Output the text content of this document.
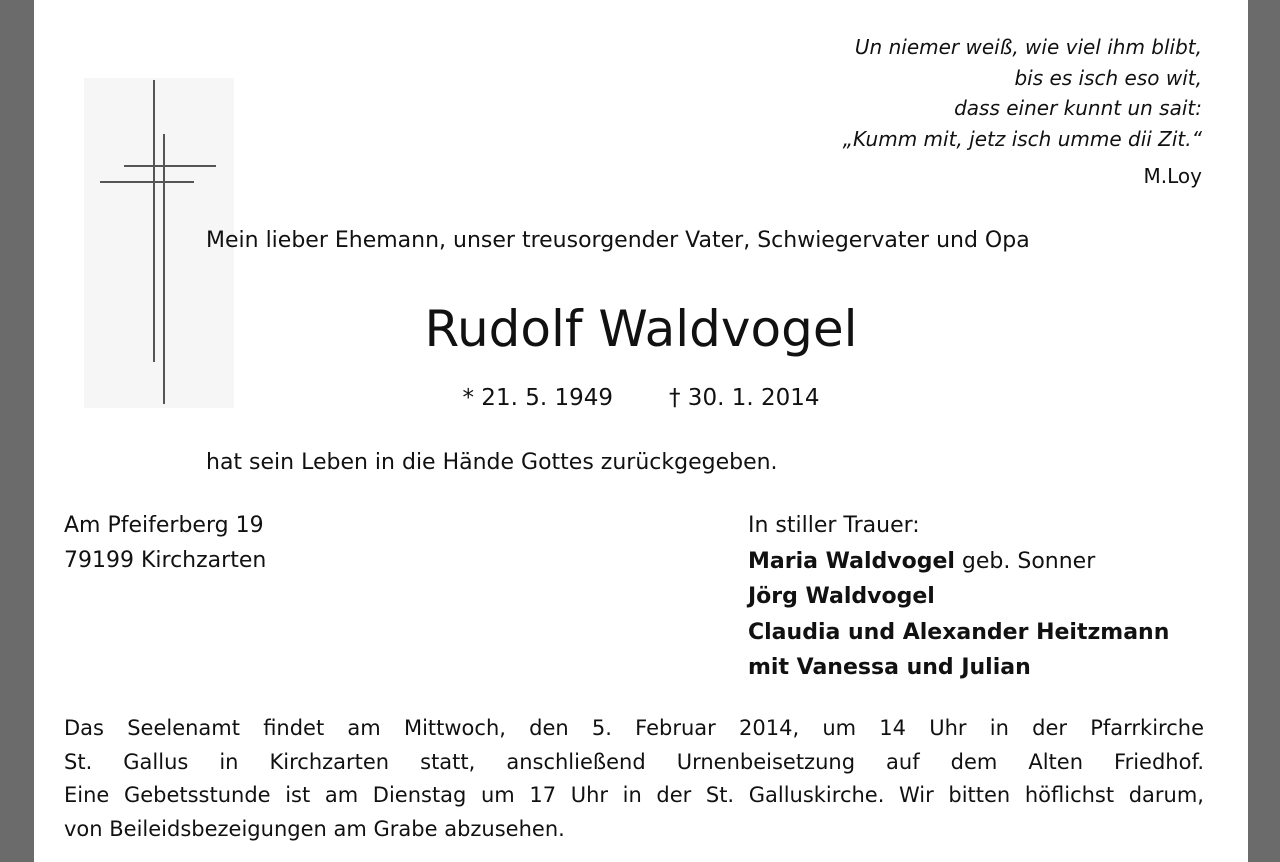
Un niemer weiß, wie viel ihm blibt,
bis es isch eso wit,
dass einer kunnt un sait:
„Kumm mit, jetz isch umme dii Zit.“

M.Loy

Mein lieber Ehemann, unser treusorgender Vater, Schwiegervater und Opa

Rudolf Waldvogel

* 21. 5. 1949 † 30. 1. 2014

hat sein Leben in die Hände Gottes zurückgegeben.

Am Pfeiferberg 19
79199 Kirchzarten
In stiller Trauer:
Maria Waldvogel geb. Sonner
Jörg Waldvogel
Claudia und Alexander Heitzmann
mit Vanessa und Julian
Das Seelenamt findet am Mittwoch, den 5. Februar 2014, um 14 Uhr in der Pfarrkirche
St. Gallus in Kirchzarten statt, anschließend Urnenbeisetzung auf dem Alten Friedhof.
Eine Gebetsstunde ist am Dienstag um 17 Uhr in der St. Galluskirche. Wir bitten höflichst darum,
von Beileidsbezeigungen am Grabe abzusehen.
